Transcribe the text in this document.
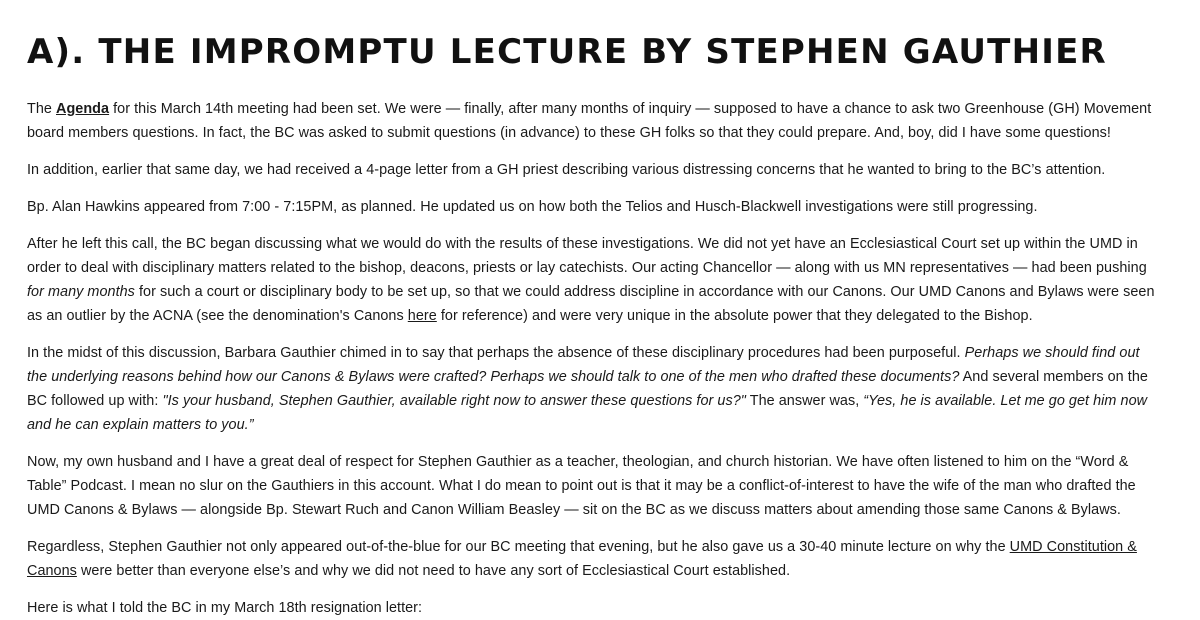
A). THE IMPROMPTU LECTURE BY STEPHEN GAUTHIER

The Agenda for this March 14th meeting had been set. We were — finally, after many months of inquiry — supposed to have a chance to ask two Greenhouse (GH) Movement board members questions. In fact, the BC was asked to submit questions (in advance) to these GH folks so that they could prepare. And, boy, did I have some questions!

In addition, earlier that same day, we had received a 4-page letter from a GH priest describing various distressing concerns that he wanted to bring to the BC’s attention.

Bp. Alan Hawkins appeared from 7:00 - 7:15PM, as planned. He updated us on how both the Telios and Husch-Blackwell investigations were still progressing.

After he left this call, the BC began discussing what we would do with the results of these investigations. We did not yet have an Ecclesiastical Court set up within the UMD in order to deal with disciplinary matters related to the bishop, deacons, priests or lay catechists. Our acting Chancellor — along with us MN representatives — had been pushing for many months for such a court or disciplinary body to be set up, so that we could address discipline in accordance with our Canons. Our UMD Canons and Bylaws were seen as an outlier by the ACNA (see the denomination's Canons here for reference) and were very unique in the absolute power that they delegated to the Bishop.

In the midst of this discussion, Barbara Gauthier chimed in to say that perhaps the absence of these disciplinary procedures had been purposeful. Perhaps we should find out the underlying reasons behind how our Canons & Bylaws were crafted? Perhaps we should talk to one of the men who drafted these documents? And several members on the BC followed up with: "Is your husband, Stephen Gauthier, available right now to answer these questions for us?" The answer was, “Yes, he is available. Let me go get him now and he can explain matters to you.”

Now, my own husband and I have a great deal of respect for Stephen Gauthier as a teacher, theologian, and church historian. We have often listened to him on the “Word & Table” Podcast. I mean no slur on the Gauthiers in this account. What I do mean to point out is that it may be a conflict-of-interest to have the wife of the man who drafted the UMD Canons & Bylaws — alongside Bp. Stewart Ruch and Canon William Beasley — sit on the BC as we discuss matters about amending those same Canons & Bylaws.

Regardless, Stephen Gauthier not only appeared out-of-the-blue for our BC meeting that evening, but he also gave us a 30-40 minute lecture on why the UMD Constitution & Canons were better than everyone else’s and why we did not need to have any sort of Ecclesiastical Court established.

Here is what I told the BC in my March 18th resignation letter:
